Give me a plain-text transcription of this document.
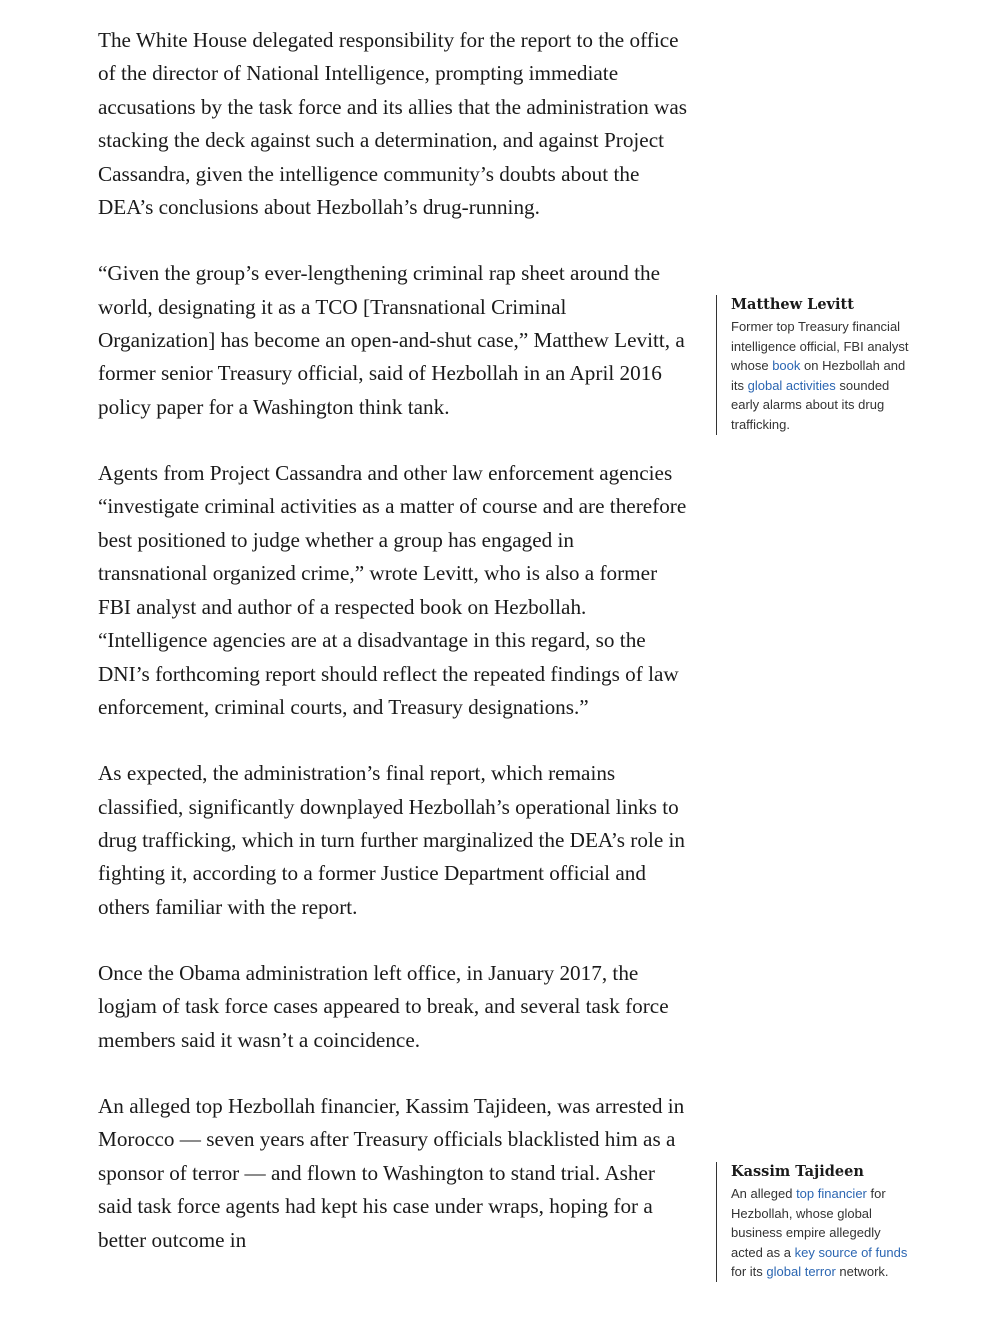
The White House delegated responsibility for the report to the office of the director of National Intelligence, prompting immediate accusations by the task force and its allies that the administration was stacking the deck against such a determination, and against Project Cassandra, given the intelligence community’s doubts about the DEA’s conclusions about Hezbollah’s drug-running.

“Given the group’s ever-lengthening criminal rap sheet around the world, designating it as a TCO [Transnational Criminal Organization] has become an open-and-shut case,” Matthew Levitt, a former senior Treasury official, said of Hezbollah in an April 2016 policy paper for a Washington think tank.

Agents from Project Cassandra and other law enforcement agencies “investigate criminal activities as a matter of course and are therefore best positioned to judge whether a group has engaged in transnational organized crime,” wrote Levitt, who is also a former FBI analyst and author of a respected book on Hezbollah. “Intelligence agencies are at a disadvantage in this regard, so the DNI’s forthcoming report should reflect the repeated findings of law enforcement, criminal courts, and Treasury designations.”

As expected, the administration’s final report, which remains classified, significantly downplayed Hezbollah’s operational links to drug trafficking, which in turn further marginalized the DEA’s role in fighting it, according to a former Justice Department official and others familiar with the report.

Once the Obama administration left office, in January 2017, the logjam of task force cases appeared to break, and several task force members said it wasn’t a coincidence.

An alleged top Hezbollah financier, Kassim Tajideen, was arrested in Morocco — seven years after Treasury officials blacklisted him as a sponsor of terror — and flown to Washington to stand trial. Asher said task force agents had kept his case under wraps, hoping for a better outcome in

Matthew Levitt

Former top Treasury financial intelligence official, FBI analyst whose book on Hezbollah and its global activities sounded early alarms about its drug trafficking.

Kassim Tajideen

An alleged top financier for Hezbollah, whose global business empire allegedly acted as a key source of funds for its global terror network.
